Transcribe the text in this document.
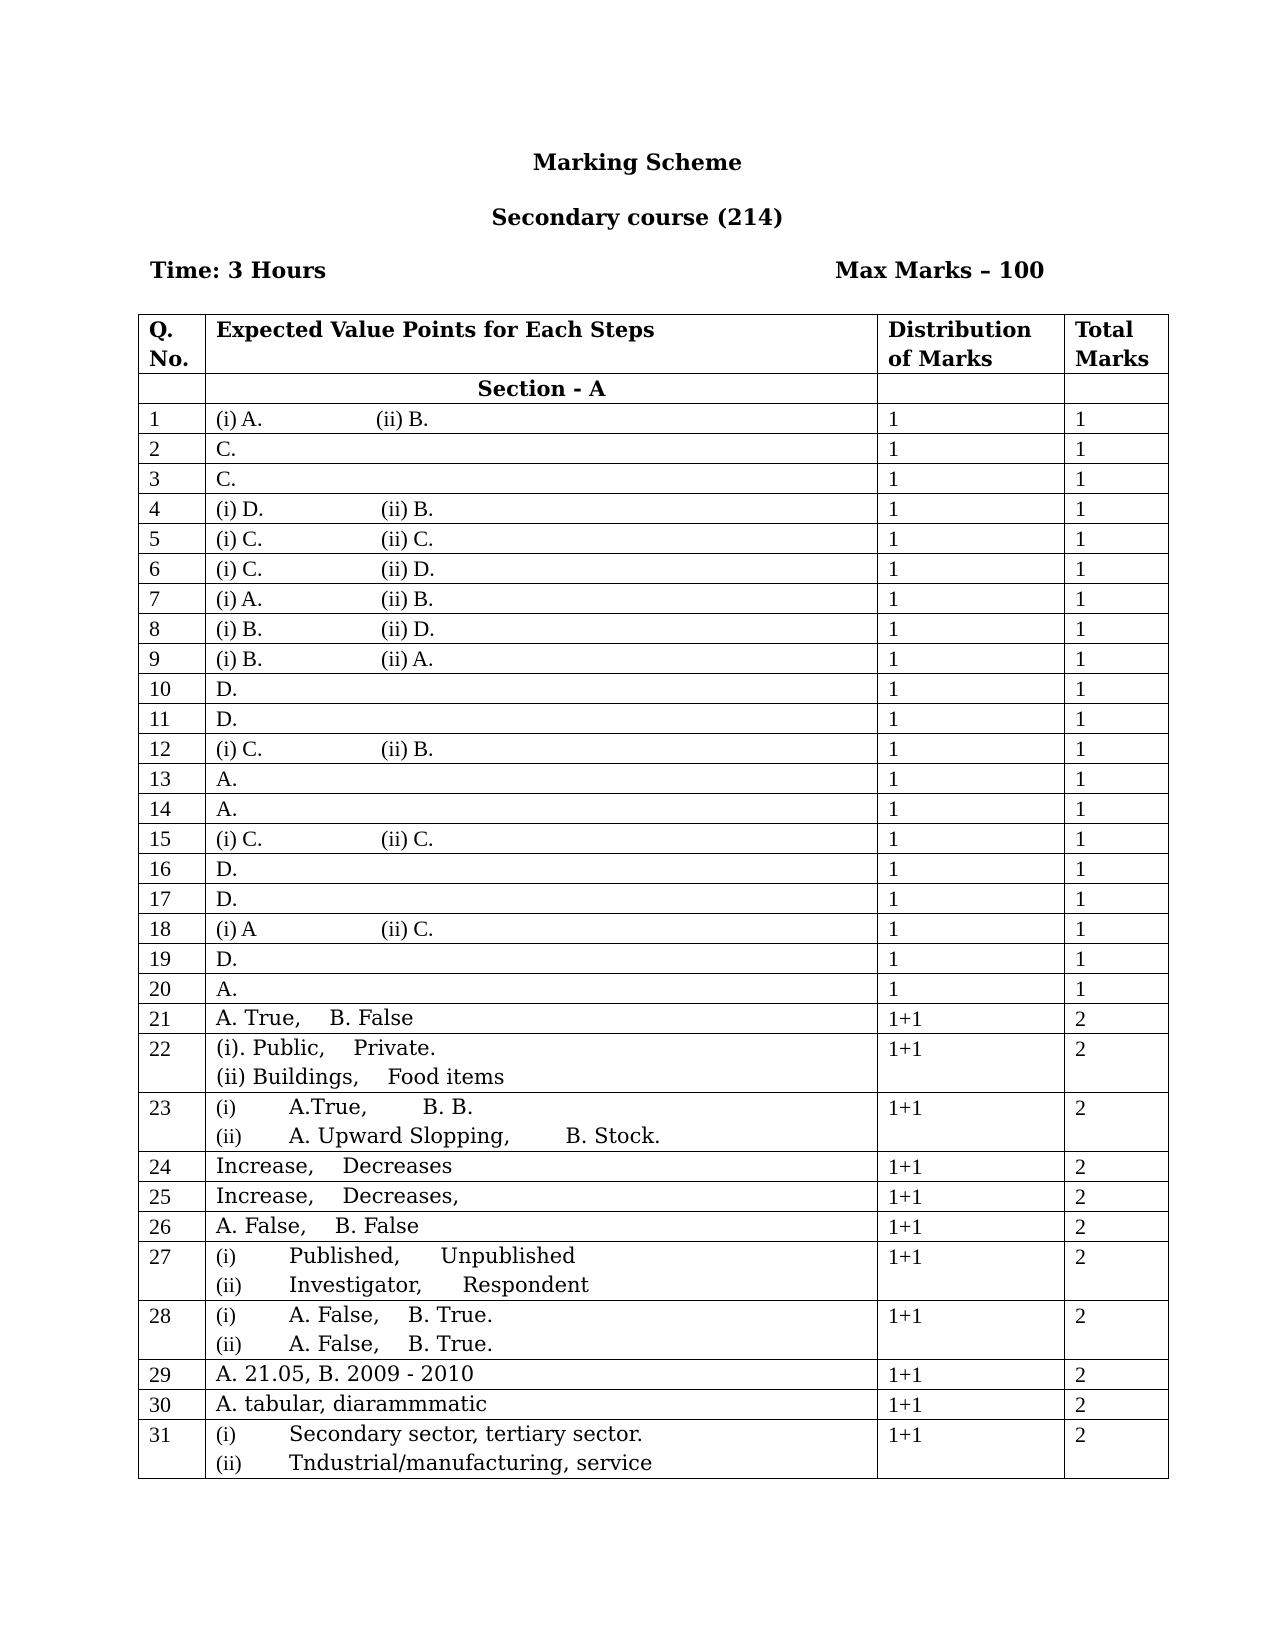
Marking Scheme
Secondary course (214)
Time: 3 Hours	Max Marks – 100
Q. No.	Expected Value Points for Each Steps	Distribution of Marks	Total Marks
	Section - A		
1	(i) A. (ii) B.	1	1
2	C.	1	1
3	C.	1	1
4	(i) D. (ii) B.	1	1
5	(i) C. (ii) C.	1	1
6	(i) C. (ii) D.	1	1
7	(i) A. (ii) B.	1	1
8	(i) B. (ii) D.	1	1
9	(i) B. (ii) A.	1	1
10	D.	1	1
11	D.	1	1
12	(i) C. (ii) B.	1	1
13	A.	1	1
14	A.	1	1
15	(i) C. (ii) C.	1	1
16	D.	1	1
17	D.	1	1
18	(i) A (ii) C.	1	1
19	D.	1	1
20	A.	1	1
21	A. True, B. False	1+1	2
22	(i). Public, Private.
(ii) Buildings, Food items	1+1	2
23	(i) A.True, B. B.
(ii) A. Upward Slopping, B. Stock.	1+1	2
24	Increase, Decreases	1+1	2
25	Increase, Decreases,	1+1	2
26	A. False, B. False	1+1	2
27	(i) Published, Unpublished
(ii) Investigator, Respondent	1+1	2
28	(i) A. False, B. True.
(ii) A. False, B. True.	1+1	2
29	A. 21.05, B. 2009 - 2010	1+1	2
30	A. tabular, diarammmatic	1+1	2
31	(i) Secondary sector, tertiary sector.
(ii) Tndustrial/manufacturing, service	1+1	2
